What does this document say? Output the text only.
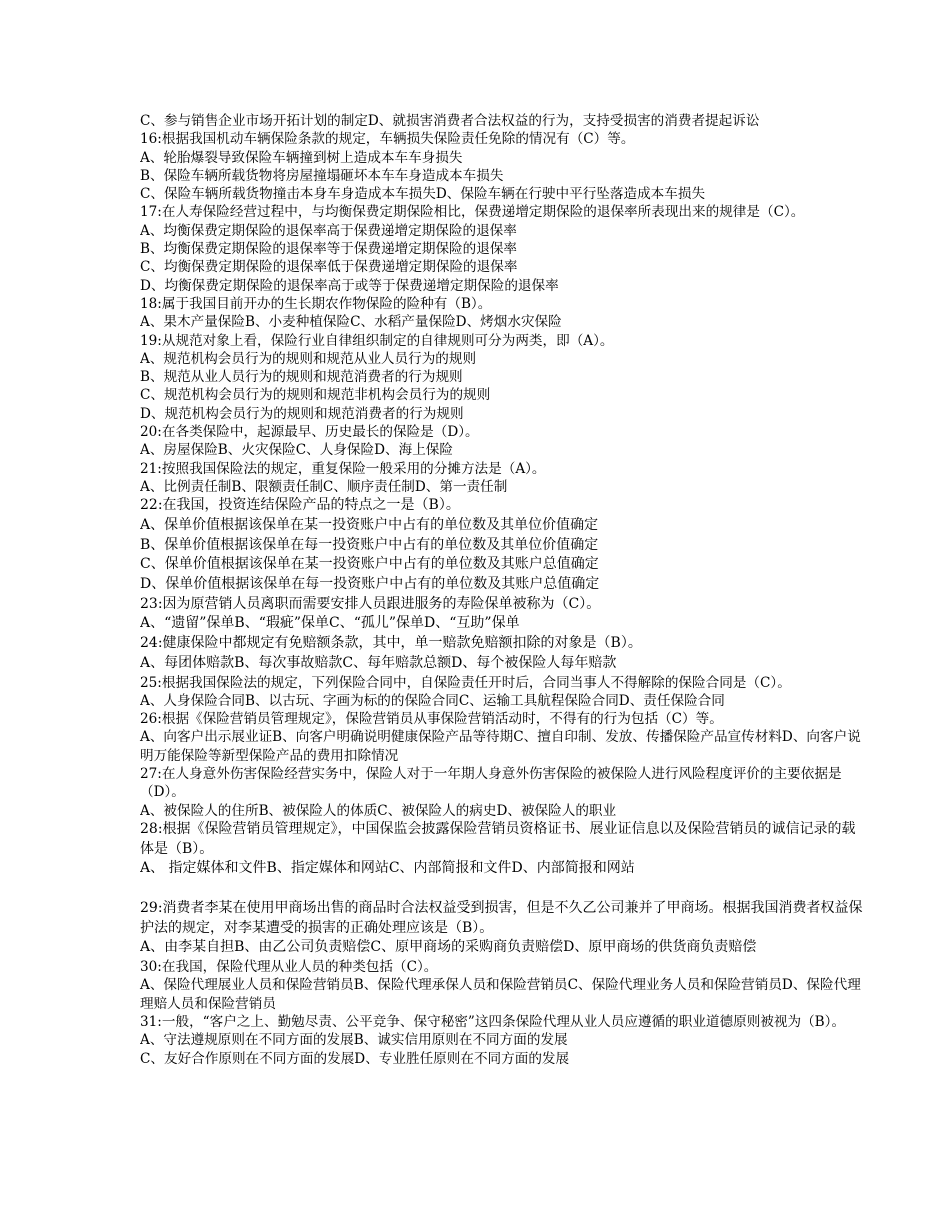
C、参与销售企业市场开拓计划的制定D、就损害消费者合法权益的行为，支持受损害的消费者提起诉讼
16:根据我国机动车辆保险条款的规定，车辆损失保险责任免除的情况有（C）等。
A、轮胎爆裂导致保险车辆撞到树上造成本车车身损失
B、保险车辆所载货物将房屋撞塌砸坏本车车身造成本车损失
C、保险车辆所载货物撞击本身车身造成本车损失D、保险车辆在行驶中平行坠落造成本车损失
17:在人寿保险经营过程中，与均衡保费定期保险相比，保费递增定期保险的退保率所表现出来的规律是（C）。
A、均衡保费定期保险的退保率高于保费递增定期保险的退保率
B、均衡保费定期保险的退保率等于保费递增定期保险的退保率
C、均衡保费定期保险的退保率低于保费递增定期保险的退保率
D、均衡保费定期保险的退保率高于或等于保费递增定期保险的退保率
18:属于我国目前开办的生长期农作物保险的险种有（B）。
A、果木产量保险B、小麦种植保险C、水稻产量保险D、烤烟水灾保险
19:从规范对象上看，保险行业自律组织制定的自律规则可分为两类，即（A）。
A、规范机构会员行为的规则和规范从业人员行为的规则
B、规范从业人员行为的规则和规范消费者的行为规则
C、规范机构会员行为的规则和规范非机构会员行为的规则
D、规范机构会员行为的规则和规范消费者的行为规则
20:在各类保险中，起源最早、历史最长的保险是（D）。
A、房屋保险B、火灾保险C、人身保险D、海上保险
21:按照我国保险法的规定，重复保险一般采用的分摊方法是（A）。
A、比例责任制B、限额责任制C、顺序责任制D、第一责任制
22:在我国，投资连结保险产品的特点之一是（B）。
A、保单价值根据该保单在某一投资账户中占有的单位数及其单位价值确定
B、保单价值根据该保单在每一投资账户中占有的单位数及其单位价值确定
C、保单价值根据该保单在某一投资账户中占有的单位数及其账户总值确定
D、保单价值根据该保单在每一投资账户中占有的单位数及其账户总值确定
23:因为原营销人员离职而需要安排人员跟进服务的寿险保单被称为（C）。
A、“遗留”保单B、“瑕疵”保单C、“孤儿”保单D、“互助”保单
24:健康保险中都规定有免赔额条款，其中，单一赔款免赔额扣除的对象是（B）。
A、每团体赔款B、每次事故赔款C、每年赔款总额D、每个被保险人每年赔款
25:根据我国保险法的规定，下列保险合同中，自保险责任开时后，合同当事人不得解除的保险合同是（C）。
A、人身保险合同B、以古玩、字画为标的的保险合同C、运输工具航程保险合同D、责任保险合同
26:根据《保险营销员管理规定》，保险营销员从事保险营销活动时，不得有的行为包括（C）等。
A、向客户出示展业证B、向客户明确说明健康保险产品等待期C、擅自印制、发放、传播保险产品宣传材料D、向客户说明万能保险等新型保险产品的费用扣除情况
27:在人身意外伤害保险经营实务中，保险人对于一年期人身意外伤害保险的被保险人进行风险程度评价的主要依据是（D）。
A、被保险人的住所B、被保险人的体质C、被保险人的病史D、被保险人的职业
28:根据《保险营销员管理规定》，中国保监会披露保险营销员资格证书、展业证信息以及保险营销员的诚信记录的载体是（B）。
A、 指定媒体和文件B、指定媒体和网站C、内部简报和文件D、内部简报和网站
29:消费者李某在使用甲商场出售的商品时合法权益受到损害，但是不久乙公司兼并了甲商场。根据我国消费者权益保护法的规定，对李某遭受的损害的正确处理应该是（B）。
A、由李某自担B、由乙公司负责赔偿C、原甲商场的采购商负责赔偿D、原甲商场的供货商负责赔偿
30:在我国，保险代理从业人员的种类包括（C）。
A、保险代理展业人员和保险营销员B、保险代理承保人员和保险营销员C、保险代理业务人员和保险营销员D、保险代理理赔人员和保险营销员
31:一般，“客户之上、勤勉尽责、公平竞争、保守秘密”这四条保险代理从业人员应遵循的职业道德原则被视为（B）。
A、守法遵规原则在不同方面的发展B、诚实信用原则在不同方面的发展
C、友好合作原则在不同方面的发展D、专业胜任原则在不同方面的发展
